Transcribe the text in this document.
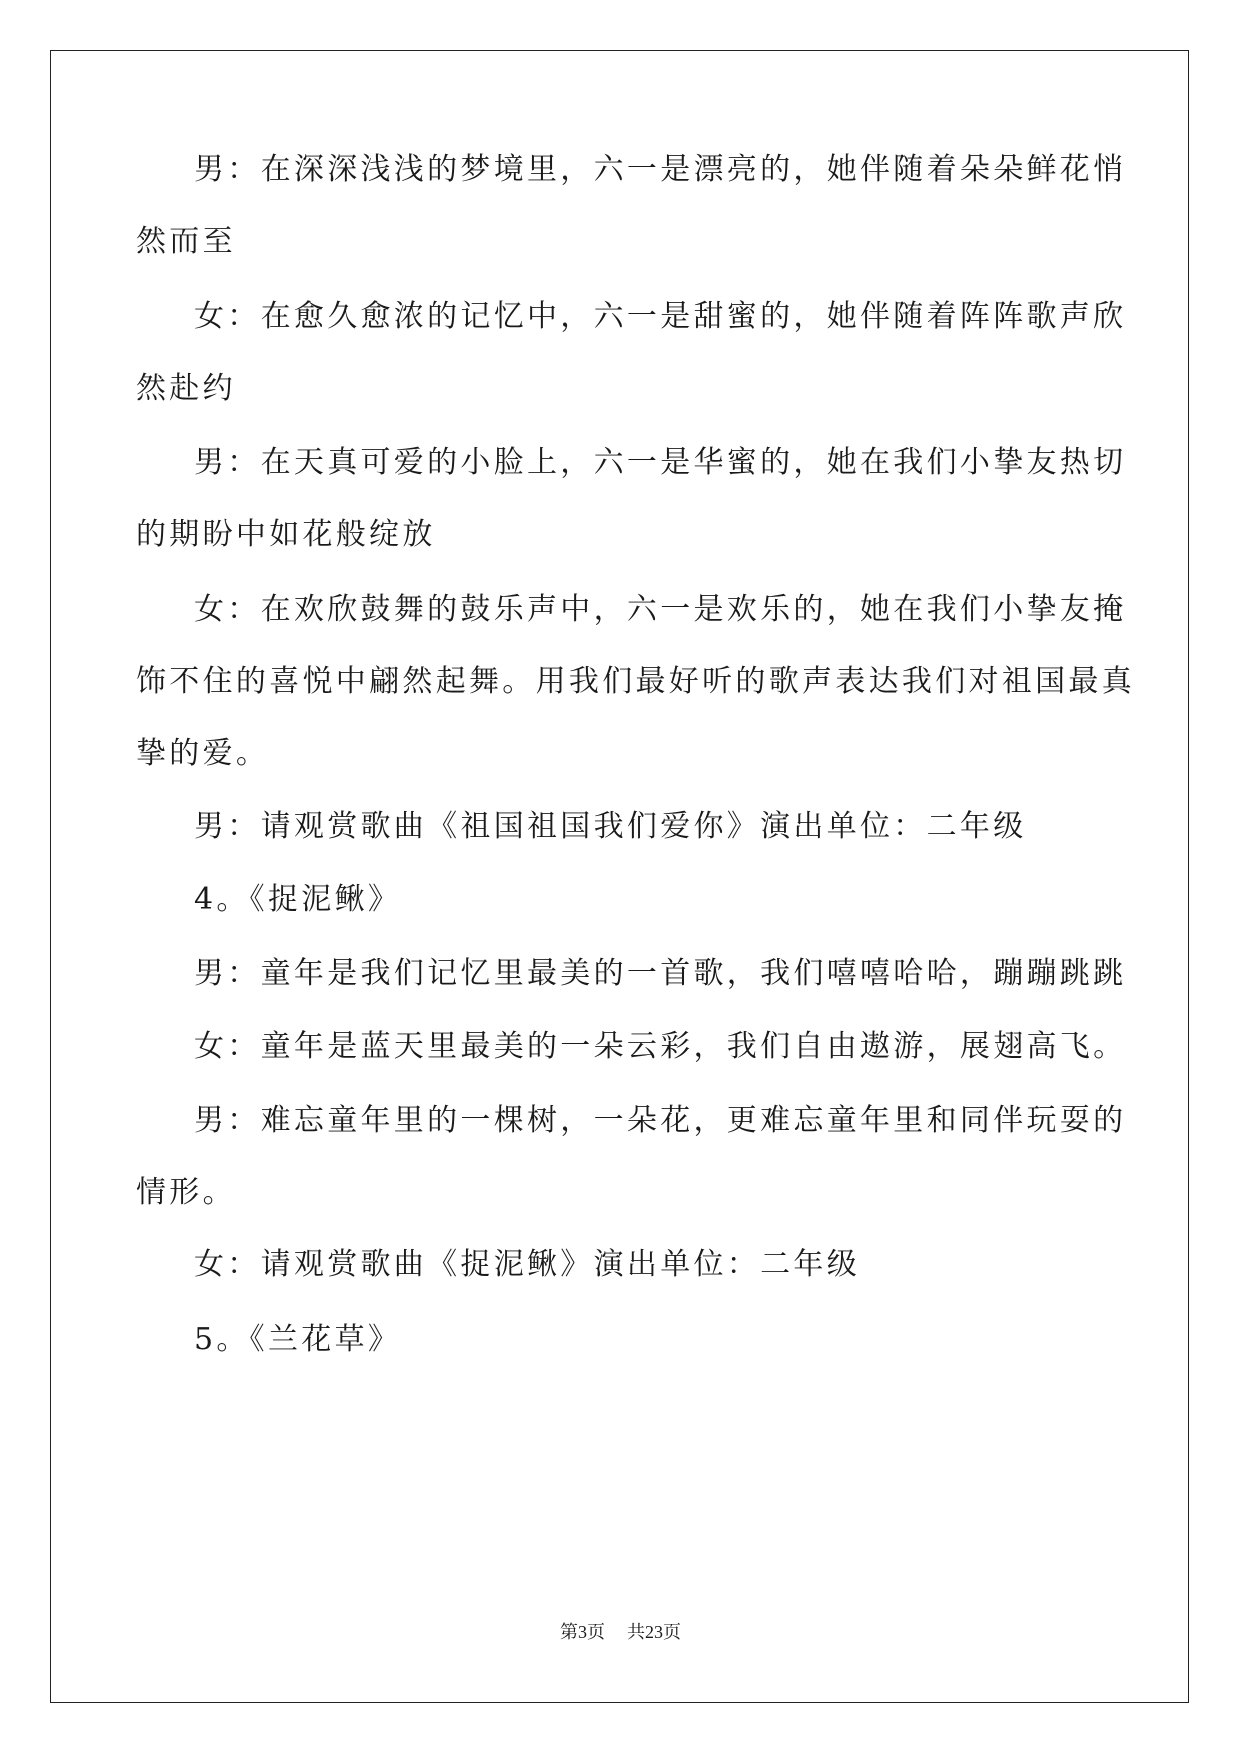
男：在深深浅浅的梦境里，六一是漂亮的，她伴随着朵朵鲜花悄
然而至
女：在愈久愈浓的记忆中，六一是甜蜜的，她伴随着阵阵歌声欣
然赴约
男：在天真可爱的小脸上，六一是华蜜的，她在我们小挚友热切
的期盼中如花般绽放
女：在欢欣鼓舞的鼓乐声中，六一是欢乐的，她在我们小挚友掩
饰不住的喜悦中翩然起舞。用我们最好听的歌声表达我们对祖国最真
挚的爱。
男：请观赏歌曲《祖国祖国我们爱你》演出单位：二年级
4。《捉泥鳅》
男：童年是我们记忆里最美的一首歌，我们嘻嘻哈哈，蹦蹦跳跳
女：童年是蓝天里最美的一朵云彩，我们自由遨游，展翅高飞。
男：难忘童年里的一棵树，一朵花，更难忘童年里和同伴玩耍的
情形。
女：请观赏歌曲《捉泥鳅》演出单位：二年级
5。《兰花草》
第3页 共23页
